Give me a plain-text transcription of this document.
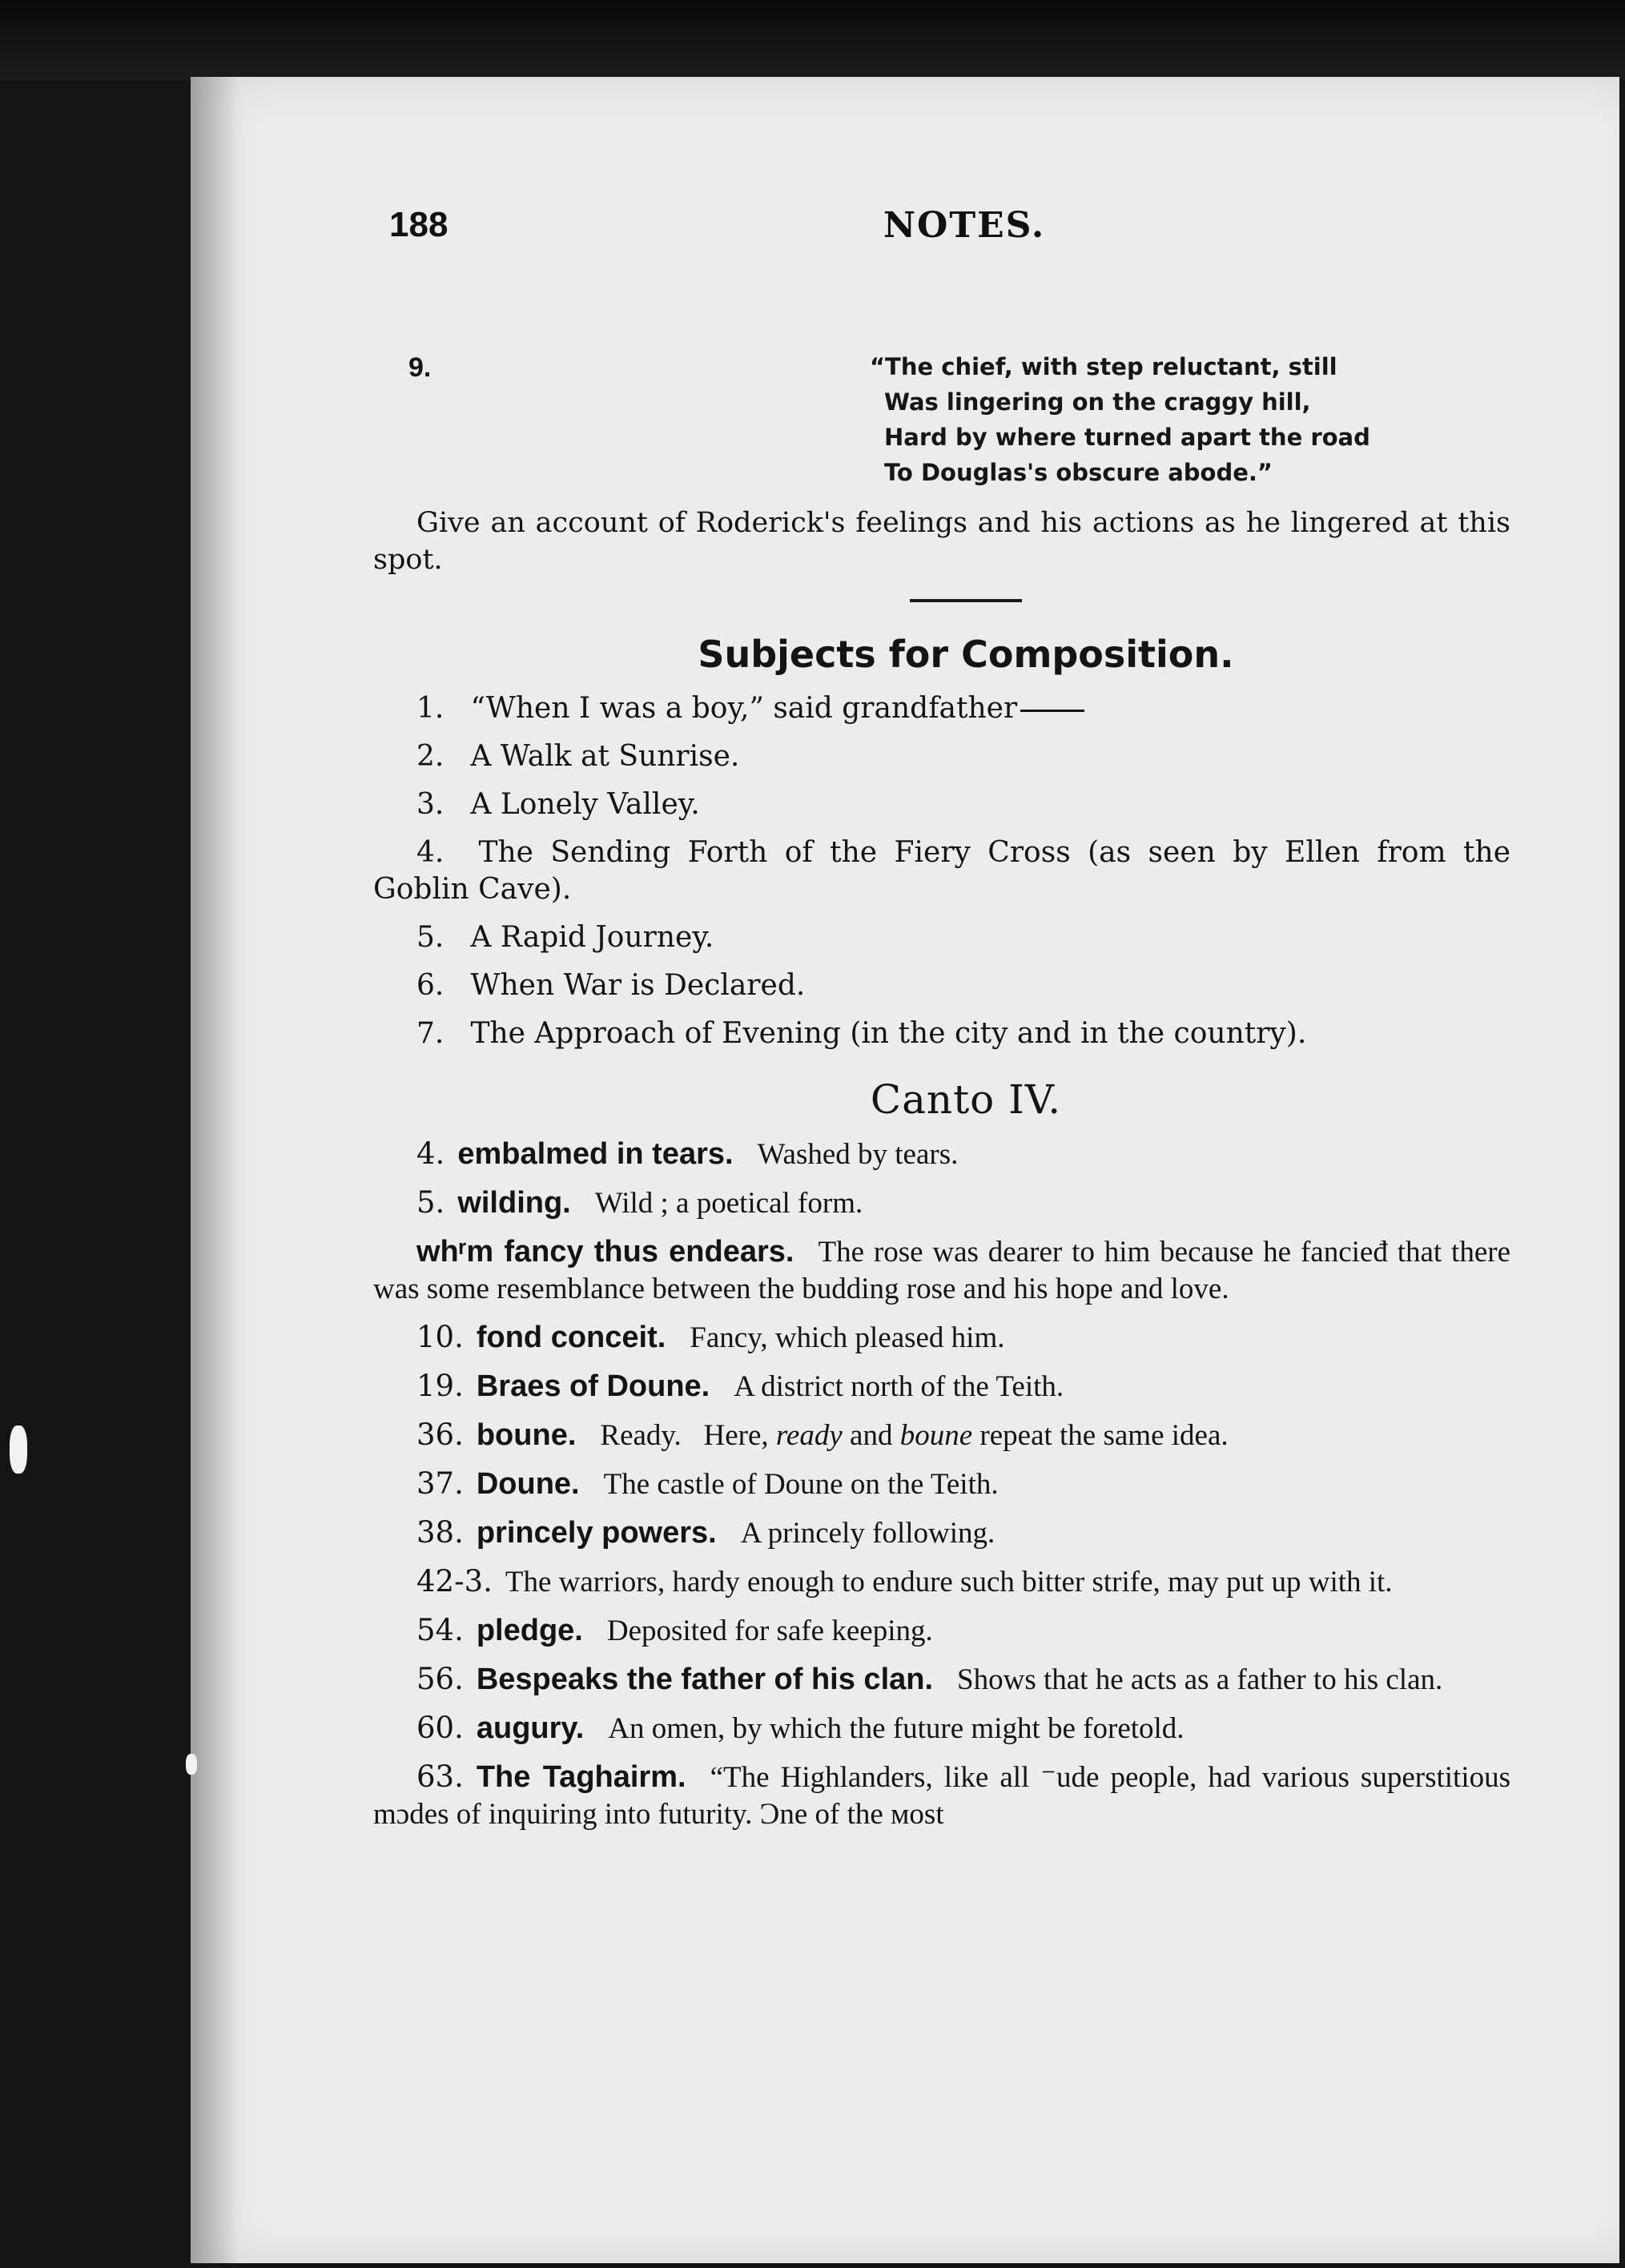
188	NOTES.
9.	“The chief, with step reluctant, still
Was lingering on the craggy hill,
Hard by where turned apart the road
To Douglas's obscure abode.”

Give an account of Roderick's feelings and his actions as he lingered at this spot.

Subjects for Composition.
1. “When I was a boy,” said grandfather
2. A Walk at Sunrise.
3. A Lonely Valley.
4. The Sending Forth of the Fiery Cross (as seen by Ellen from the Goblin Cave).
5. A Rapid Journey.
6. When War is Declared.
7. The Approach of Evening (in the city and in the country).
Canto IV.
4. embalmed in tears. Washed by tears.
5. wilding. Wild ; a poetical form.
whʳm fancy thus endears. The rose was dearer to him because he fancieđ that there was some resemblance between the budding rose and his hope and love.
10. fond conceit. Fancy, which pleased him.
19. Braes of Doune. A district north of the Teith.
36. boune. Ready.   Here, ready and boune repeat the same idea.
37. Doune. The castle of Doune on the Teith.
38. princely powers. A princely following.
42-3. The warriors, hardy enough to endure such bitter strife, may put up with it.
54. pledge. Deposited for safe keeping.
56. Bespeaks the father of his clan. Shows that he acts as a father to his clan.
60. augury. An omen, by which the future might be foretold.
63. The Taghairm. “The Highlanders, like all ⁻ude people, had various superstitious mɔdes of inquiring into futurity. Ɔne of the ᴍost
